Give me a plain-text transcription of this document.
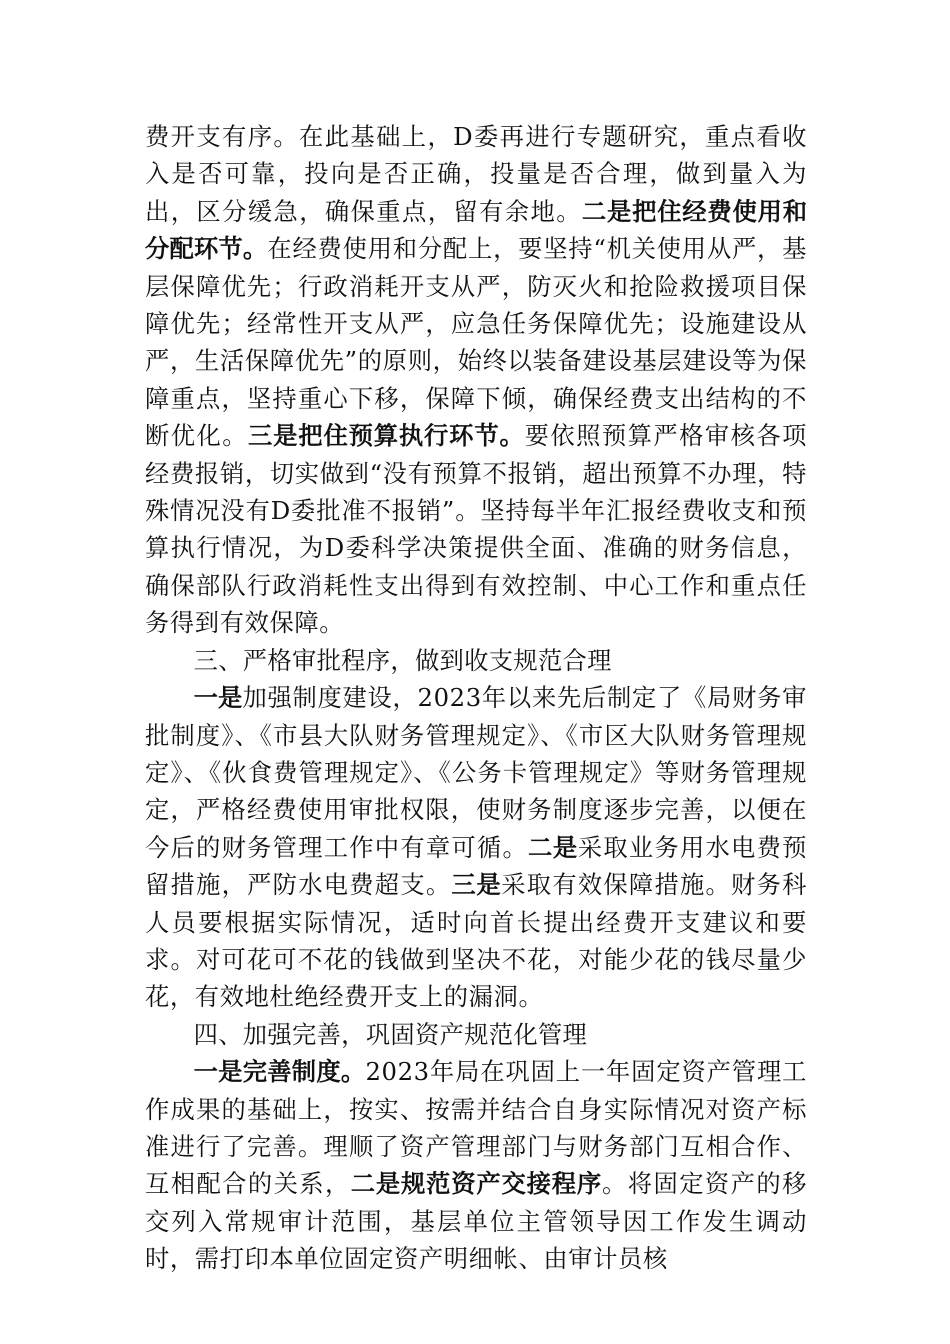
费开支有序。在此基础上，D委再进行专题研究，重点看收入是否可靠，投向是否正确，投量是否合理，做到量入为出，区分缓急，确保重点，留有余地。二是把住经费使用和分配环节。在经费使用和分配上，要坚持“机关使用从严，基层保障优先；行政消耗开支从严，防灭火和抢险救援项目保障优先；经常性开支从严，应急任务保障优先；设施建设从严，生活保障优先”的原则，始终以装备建设基层建设等为保障重点，坚持重心下移，保障下倾，确保经费支出结构的不断优化。三是把住预算执行环节。要依照预算严格审核各项经费报销，切实做到“没有预算不报销，超出预算不办理，特殊情况没有D委批准不报销”。坚持每半年汇报经费收支和预算执行情况，为D委科学决策提供全面、准确的财务信息，确保部队行政消耗性支出得到有效控制、中心工作和重点任务得到有效保障。

三、严格审批程序，做到收支规范合理

一是加强制度建设，2023年以来先后制定了《局财务审批制度》、《市县大队财务管理规定》、《市区大队财务管理规定》、《伙食费管理规定》、《公务卡管理规定》等财务管理规定，严格经费使用审批权限，使财务制度逐步完善，以便在今后的财务管理工作中有章可循。二是采取业务用水电费预留措施，严防水电费超支。三是采取有效保障措施。财务科人员要根据实际情况，适时向首长提出经费开支建议和要求。对可花可不花的钱做到坚决不花，对能少花的钱尽量少花，有效地杜绝经费开支上的漏洞。

四、加强完善，巩固资产规范化管理

一是完善制度。2023年局在巩固上一年固定资产管理工作成果的基础上，按实、按需并结合自身实际情况对资产标准进行了完善。理顺了资产管理部门与财务部门互相合作、互相配合的关系，二是规范资产交接程序。将固定资产的移交列入常规审计范围，基层单位主管领导因工作发生调动时，需打印本单位固定资产明细帐、由审计员核
